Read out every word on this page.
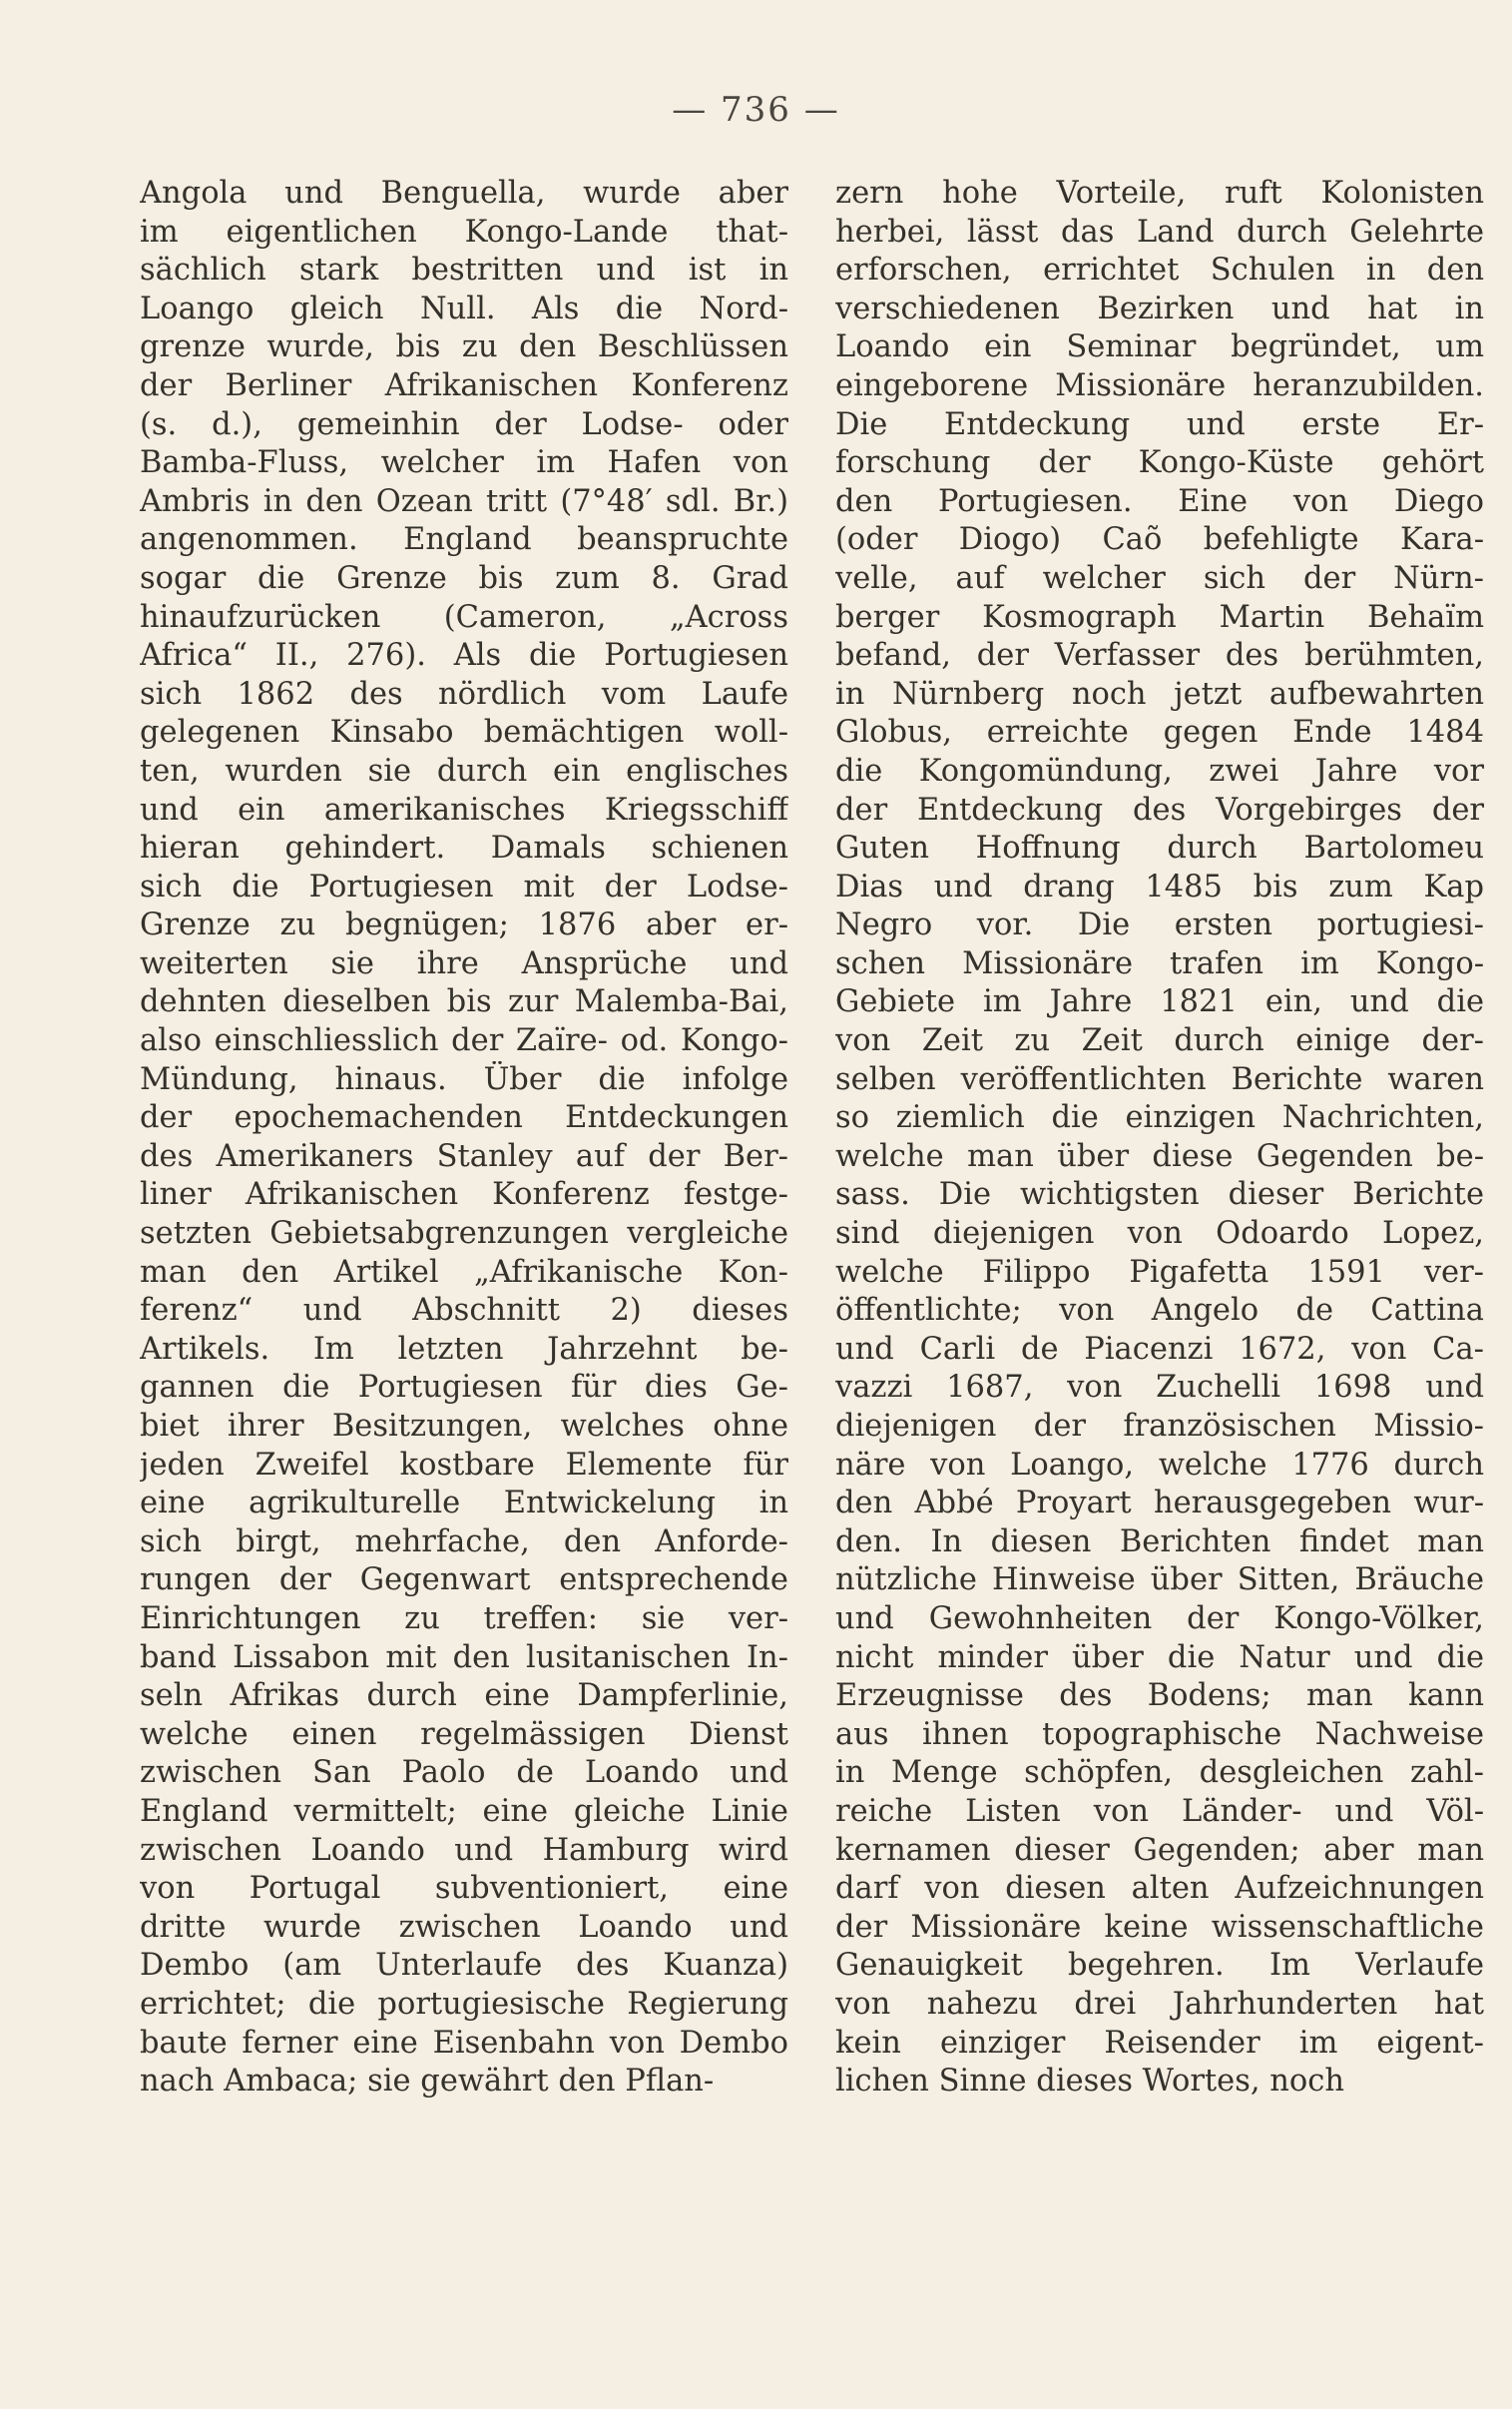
— 736 —
Angola und Benguella, wurde aber
im eigentlichen Kongo-Lande that-
sächlich stark bestritten und ist in
Loango gleich Null. Als die Nord-
grenze wurde, bis zu den Beschlüssen
der Berliner Afrikanischen Konferenz
(s. d.), gemeinhin der Lodse- oder
Bamba-Fluss, welcher im Hafen von
Ambris in den Ozean tritt (7°48′ sdl. Br.)
angenommen. England beanspruchte
sogar die Grenze bis zum 8. Grad
hinaufzurücken (Cameron, „Across
Africa“ II., 276). Als die Portugiesen
sich 1862 des nördlich vom Laufe
gelegenen Kinsabo bemächtigen woll-
ten, wurden sie durch ein englisches
und ein amerikanisches Kriegsschiff
hieran gehindert. Damals schienen
sich die Portugiesen mit der Lodse-
Grenze zu begnügen; 1876 aber er-
weiterten sie ihre Ansprüche und
dehnten dieselben bis zur Malemba-Bai,
also einschliesslich der Zaïre- od. Kongo-
Mündung, hinaus. Über die infolge
der epochemachenden Entdeckungen
des Amerikaners Stanley auf der Ber-
liner Afrikanischen Konferenz festge-
setzten Gebietsabgrenzungen vergleiche
man den Artikel „Afrikanische Kon-
ferenz“ und Abschnitt 2) dieses
Artikels. Im letzten Jahrzehnt be-
gannen die Portugiesen für dies Ge-
biet ihrer Besitzungen, welches ohne
jeden Zweifel kostbare Elemente für
eine agrikulturelle Entwickelung in
sich birgt, mehrfache, den Anforde-
rungen der Gegenwart entsprechende
Einrichtungen zu treffen: sie ver-
band Lissabon mit den lusitanischen In-
seln Afrikas durch eine Dampferlinie,
welche einen regelmässigen Dienst
zwischen San Paolo de Loando und
England vermittelt; eine gleiche Linie
zwischen Loando und Hamburg wird
von Portugal subventioniert, eine
dritte wurde zwischen Loando und
Dembo (am Unterlaufe des Kuanza)
errichtet; die portugiesische Regierung
baute ferner eine Eisenbahn von Dembo
nach Ambaca; sie gewährt den Pflan-
zern hohe Vorteile, ruft Kolonisten
herbei, lässt das Land durch Gelehrte
erforschen, errichtet Schulen in den
verschiedenen Bezirken und hat in
Loando ein Seminar begründet, um
eingeborene Missionäre heranzubilden.
Die Entdeckung und erste Er-
forschung der Kongo-Küste gehört
den Portugiesen. Eine von Diego
(oder Diogo) Caõ befehligte Kara-
velle, auf welcher sich der Nürn-
berger Kosmograph Martin Behaïm
befand, der Verfasser des berühmten,
in Nürnberg noch jetzt aufbewahrten
Globus, erreichte gegen Ende 1484
die Kongomündung, zwei Jahre vor
der Entdeckung des Vorgebirges der
Guten Hoffnung durch Bartolomeu
Dias und drang 1485 bis zum Kap
Negro vor. Die ersten portugiesi-
schen Missionäre trafen im Kongo-
Gebiete im Jahre 1821 ein, und die
von Zeit zu Zeit durch einige der-
selben veröffentlichten Berichte waren
so ziemlich die einzigen Nachrichten,
welche man über diese Gegenden be-
sass. Die wichtigsten dieser Berichte
sind diejenigen von Odoardo Lopez,
welche Filippo Pigafetta 1591 ver-
öffentlichte; von Angelo de Cattina
und Carli de Piacenzi 1672, von Ca-
vazzi 1687, von Zuchelli 1698 und
diejenigen der französischen Missio-
näre von Loango, welche 1776 durch
den Abbé Proyart herausgegeben wur-
den. In diesen Berichten findet man
nützliche Hinweise über Sitten, Bräuche
und Gewohnheiten der Kongo-Völker,
nicht minder über die Natur und die
Erzeugnisse des Bodens; man kann
aus ihnen topographische Nachweise
in Menge schöpfen, desgleichen zahl-
reiche Listen von Länder- und Völ-
kernamen dieser Gegenden; aber man
darf von diesen alten Aufzeichnungen
der Missionäre keine wissenschaftliche
Genauigkeit begehren. Im Verlaufe
von nahezu drei Jahrhunderten hat
kein einziger Reisender im eigent-
lichen Sinne dieses Wortes, noch
